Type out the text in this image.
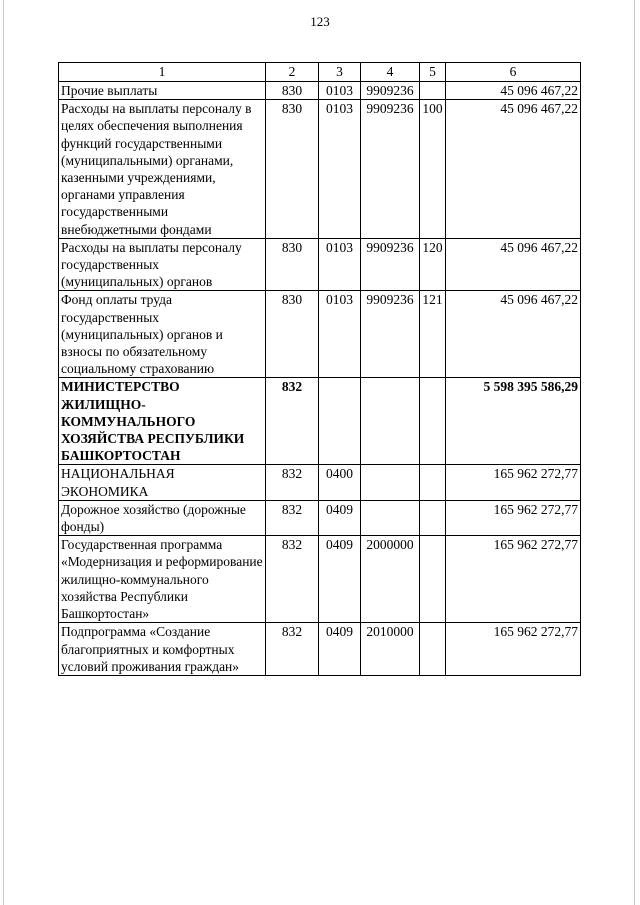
123
1	2	3	4	5	6
Прочие выплаты	830	0103	9909236		45 096 467,22
Расходы на выплаты персоналу в целях обеспечения выполнения функций государственными (муниципальными) органами, казенными учреждениями, органами управления государственными внебюджетными фондами	830	0103	9909236	100	45 096 467,22
Расходы на выплаты персоналу государственных (муниципальных) органов	830	0103	9909236	120	45 096 467,22
Фонд оплаты труда государственных (муниципальных) органов и взносы по обязательному социальному страхованию	830	0103	9909236	121	45 096 467,22
МИНИСТЕРСТВО ЖИЛИЩНО-КОММУНАЛЬНОГО ХОЗЯЙСТВА РЕСПУБЛИКИ БАШКОРТОСТАН	832				5 598 395 586,29
НАЦИОНАЛЬНАЯ ЭКОНОМИКА	832	0400			165 962 272,77
Дорожное хозяйство (дорожные фонды)	832	0409			165 962 272,77
Государственная программа «Модернизация и реформирование жилищно-коммунального хозяйства Республики Башкортостан»	832	0409	2000000		165 962 272,77
Подпрограмма «Создание благоприятных и комфортных условий проживания граждан»	832	0409	2010000		165 962 272,77
